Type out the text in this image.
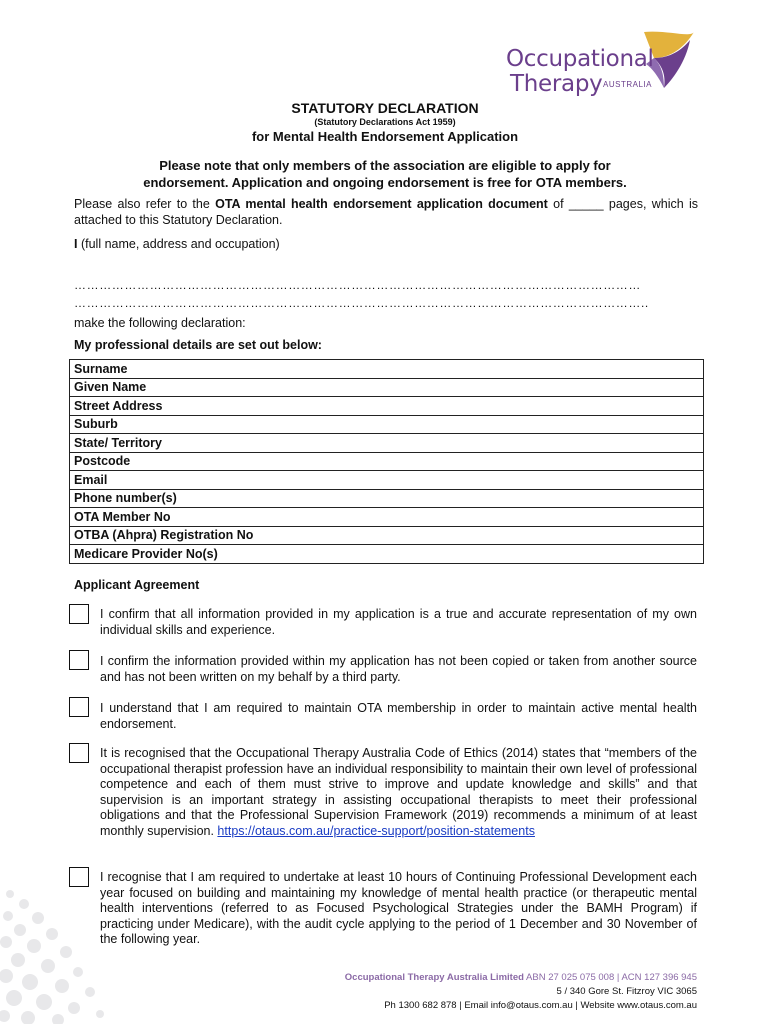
Occupational
Therapy AUSTRALIA
STATUTORY DECLARATION
(Statutory Declarations Act 1959)
for Mental Health Endorsement Application
Please note that only members of the association are eligible to apply for
endorsement. Application and ongoing endorsement is free for OTA members.
Please also refer to the OTA mental health endorsement application document of _____ pages, which is attached to this Statutory Declaration.
I (full name, address and occupation)
………………………………………………………………………………………………………………………
………………………………………………………………………………………………………………………..
make the following declaration:
My professional details are set out below:
Surname
Given Name
Street Address
Suburb
State/ Territory
Postcode
Email
Phone number(s)
OTA Member No
OTBA (Ahpra) Registration No
Medicare Provider No(s)
Applicant Agreement
I confirm that all information provided in my application is a true and accurate representation of my own individual skills and experience.
I confirm the information provided within my application has not been copied or taken from another source and has not been written on my behalf by a third party.
I understand that I am required to maintain OTA membership in order to maintain active mental health endorsement.
It is recognised that the Occupational Therapy Australia Code of Ethics (2014) states that “members of the occupational therapist profession have an individual responsibility to maintain their own level of professional competence and each of them must strive to improve and update knowledge and skills” and that supervision is an important strategy in assisting occupational therapists to meet their professional obligations and that the Professional Supervision Framework (2019) recommends a minimum of at least monthly supervision. https://otaus.com.au/practice-support/position-statements
I recognise that I am required to undertake at least 10 hours of Continuing Professional Development each year focused on building and maintaining my knowledge of mental health practice (or therapeutic mental health interventions (referred to as Focused Psychological Strategies under the BAMH Program) if practicing under Medicare), with the audit cycle applying to the period of 1 December and 30 November of the following year.
Occupational Therapy Australia Limited ABN 27 025 075 008 | ACN 127 396 945
5 / 340 Gore St. Fitzroy VIC 3065
Ph 1300 682 878 | Email info@otaus.com.au | Website www.otaus.com.au
